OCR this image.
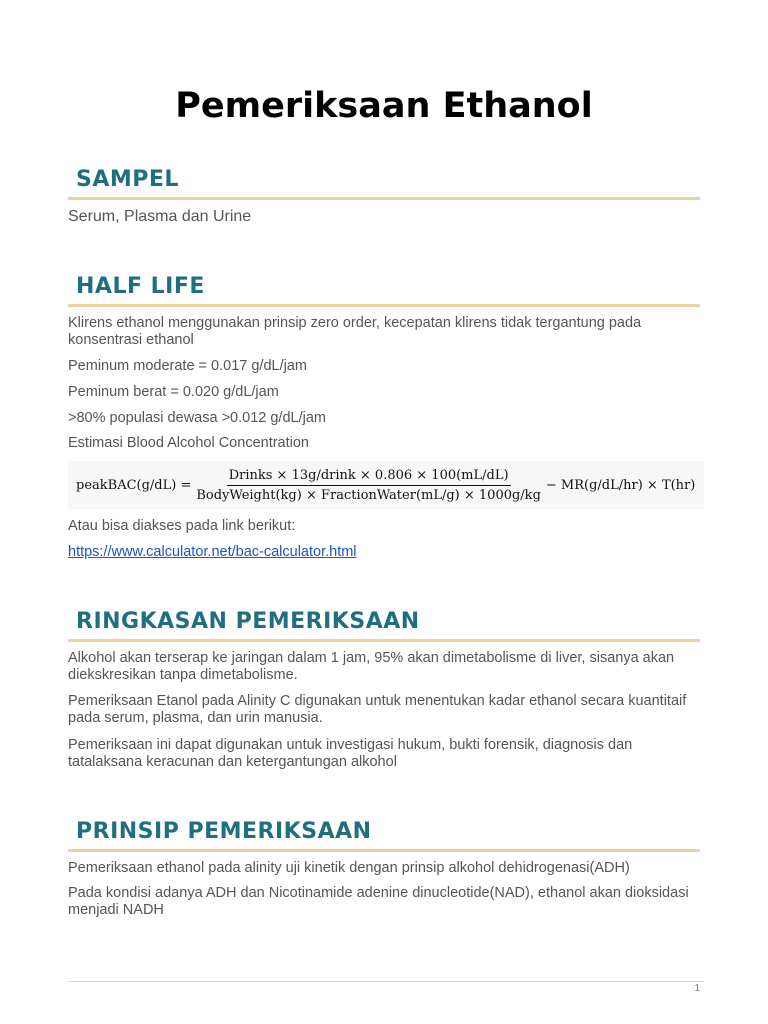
Pemeriksaan Ethanol
SAMPEL

Serum, Plasma dan Urine

HALF LIFE

Klirens ethanol menggunakan prinsip zero order, kecepatan klirens tidak tergantung pada konsentrasi ethanol

Peminum moderate = 0.017 g/dL/jam

Peminum berat = 0.020 g/dL/jam

>80% populasi dewasa >0.012 g/dL/jam

Estimasi Blood Alcohol Concentration

peakBAC(g/dL) = $\frac{\text{Drinks × 13g/drink × 0.806 × 100(mL/dL)}}{\text{BodyWeight(kg) × FractionWater(mL/g) × 1000g/kg}} - MR(g/dL/hr) \times T(hr)$

Atau bisa diakses pada link berikut:

https://www.calculator.net/bac-calculator.html

RINGKASAN PEMERIKSAAN

Alkohol akan terserap ke jaringan dalam 1 jam, 95% akan dimetabolisme di liver, sisanya akan diekskresikan tanpa dimetabolisme.

Pemeriksaan Etanol pada Alinity C digunakan untuk menentukan kadar ethanol secara kuantitaif pada serum, plasma, dan urin manusia.

Pemeriksaan ini dapat digunakan untuk investigasi hukum, bukti forensik, diagnosis dan tatalaksana keracunan dan ketergantungan alkohol

PRINSIP PEMERIKSAAN

Pemeriksaan ethanol pada alinity uji kinetik dengan prinsip alkohol dehidrogenasi(ADH)

Pada kondisi adanya ADH dan Nicotinamide adenine dinucleotide(NAD), ethanol akan dioksidasi menjadi NADH

1
